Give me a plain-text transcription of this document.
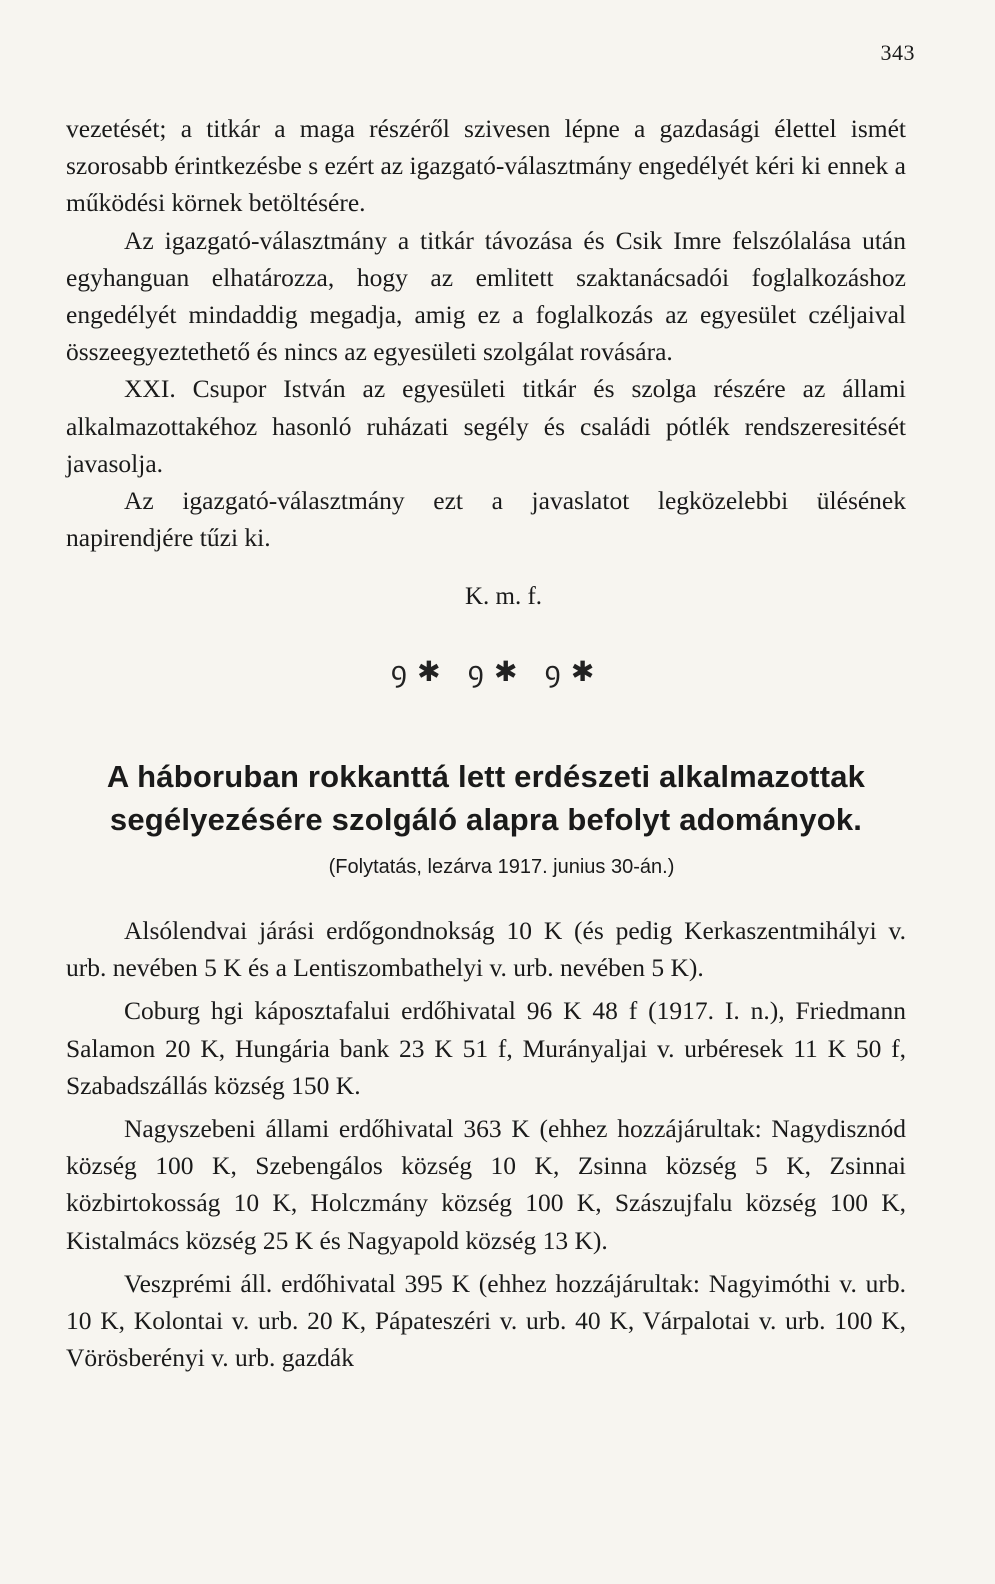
343

vezetését; a titkár a maga részéről szivesen lépne a gazdasági élettel ismét szorosabb érintkezésbe s ezért az igazgató-választmány engedélyét kéri ki ennek a működési körnek betöltésére.

Az igazgató-választmány a titkár távozása és Csik Imre felszólalása után egyhanguan elhatározza, hogy az emlitett szaktanácsadói foglalkozáshoz engedélyét mindaddig megadja, amig ez a foglalkozás az egyesület czéljaival összeegyeztethető és nincs az egyesületi szolgálat rovására.

XXI. Csupor István az egyesületi titkár és szolga részére az állami alkalmazottakéhoz hasonló ruházati segély és családi pótlék rendszeresitését javasolja.

Az igazgató-választmány ezt a javaslatot legközelebbi ülésének napirendjére tűzi ki.

K. m. f.
ꝯ✱ ꝯ✱ ꝯ✱
A háboruban rokkanttá lett erdészeti alkalmazottak
segélyezésére szolgáló alapra befolyt adományok.
(Folytatás, lezárva 1917. junius 30-án.)

Alsólendvai járási erdőgondnokság 10 K (és pedig Kerkaszentmihályi v. urb. nevében 5 K és a Lentiszombathelyi v. urb. nevében 5 K).

Coburg hgi káposztafalui erdőhivatal 96 K 48 f (1917. I. n.), Friedmann Salamon 20 K, Hungária bank 23 K 51 f, Murányaljai v. urbéresek 11 K 50 f, Szabadszállás község 150 K.

Nagyszebeni állami erdőhivatal 363 K (ehhez hozzájárultak: Nagydisznód község 100 K, Szebengálos község 10 K, Zsinna község 5 K, Zsinnai közbirtokosság 10 K, Holczmány község 100 K, Szászujfalu község 100 K, Kistalmács község 25 K és Nagyapold község 13 K).

Veszprémi áll. erdőhivatal 395 K (ehhez hozzájárultak: Nagyimóthi v. urb. 10 K, Kolontai v. urb. 20 K, Pápateszéri v. urb. 40 K, Várpalotai v. urb. 100 K, Vörösberényi v. urb. gazdák
